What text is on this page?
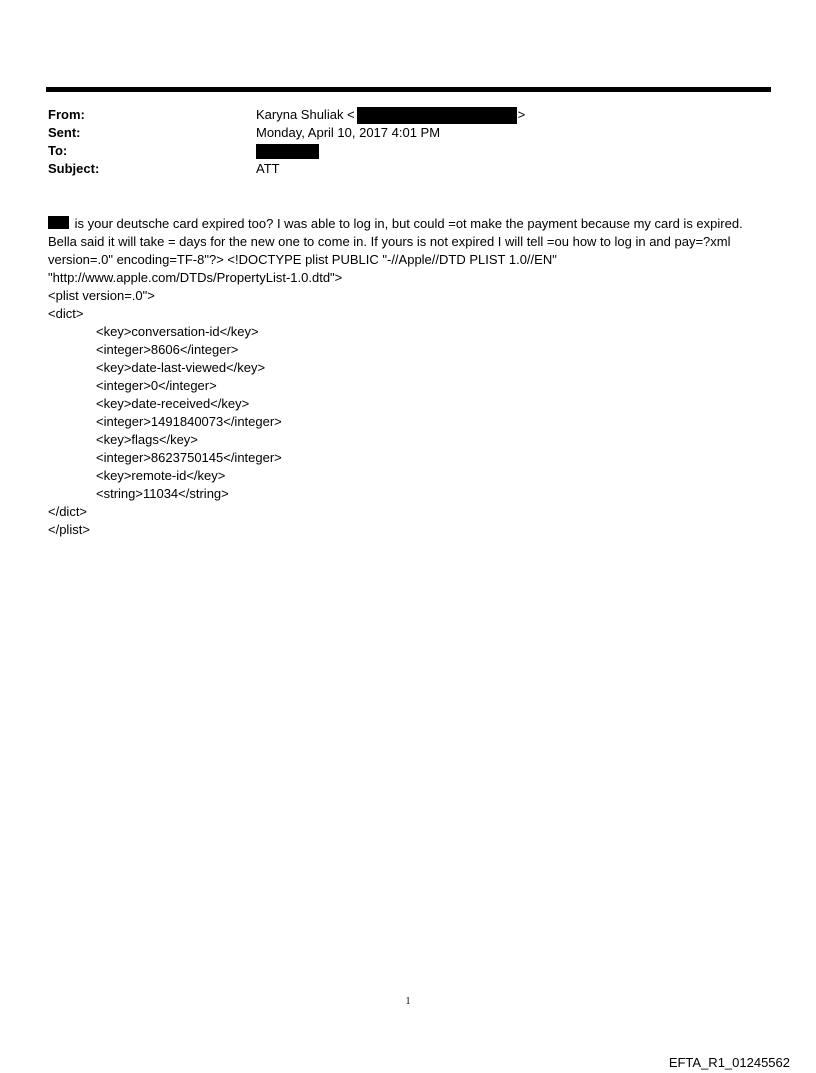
From:	Karyna Shuliak <	>
Sent:	Monday, April 10, 2017 4:01 PM
To:
Subject:	ATT

is your deutsche card expired too? I was able to log in, but could =ot make the payment because my card is expired. Bella said it will take = days for the new one to come in. If yours is not expired I will tell =ou how to log in and pay=?xml version=.0" encoding=TF-8"?> <!DOCTYPE plist PUBLIC "-//Apple//DTD PLIST 1.0//EN" "http://www.apple.com/DTDs/PropertyList-1.0.dtd">

<plist version=.0">

<dict>

<key>conversation-id</key>

<integer>8606</integer>

<key>date-last-viewed</key>

<integer>0</integer>

<key>date-received</key>

<integer>1491840073</integer>

<key>flags</key>

<integer>8623750145</integer>

<key>remote-id</key>

<string>11034</string>

</dict>

</plist>

1
EFTA_R1_01245562
